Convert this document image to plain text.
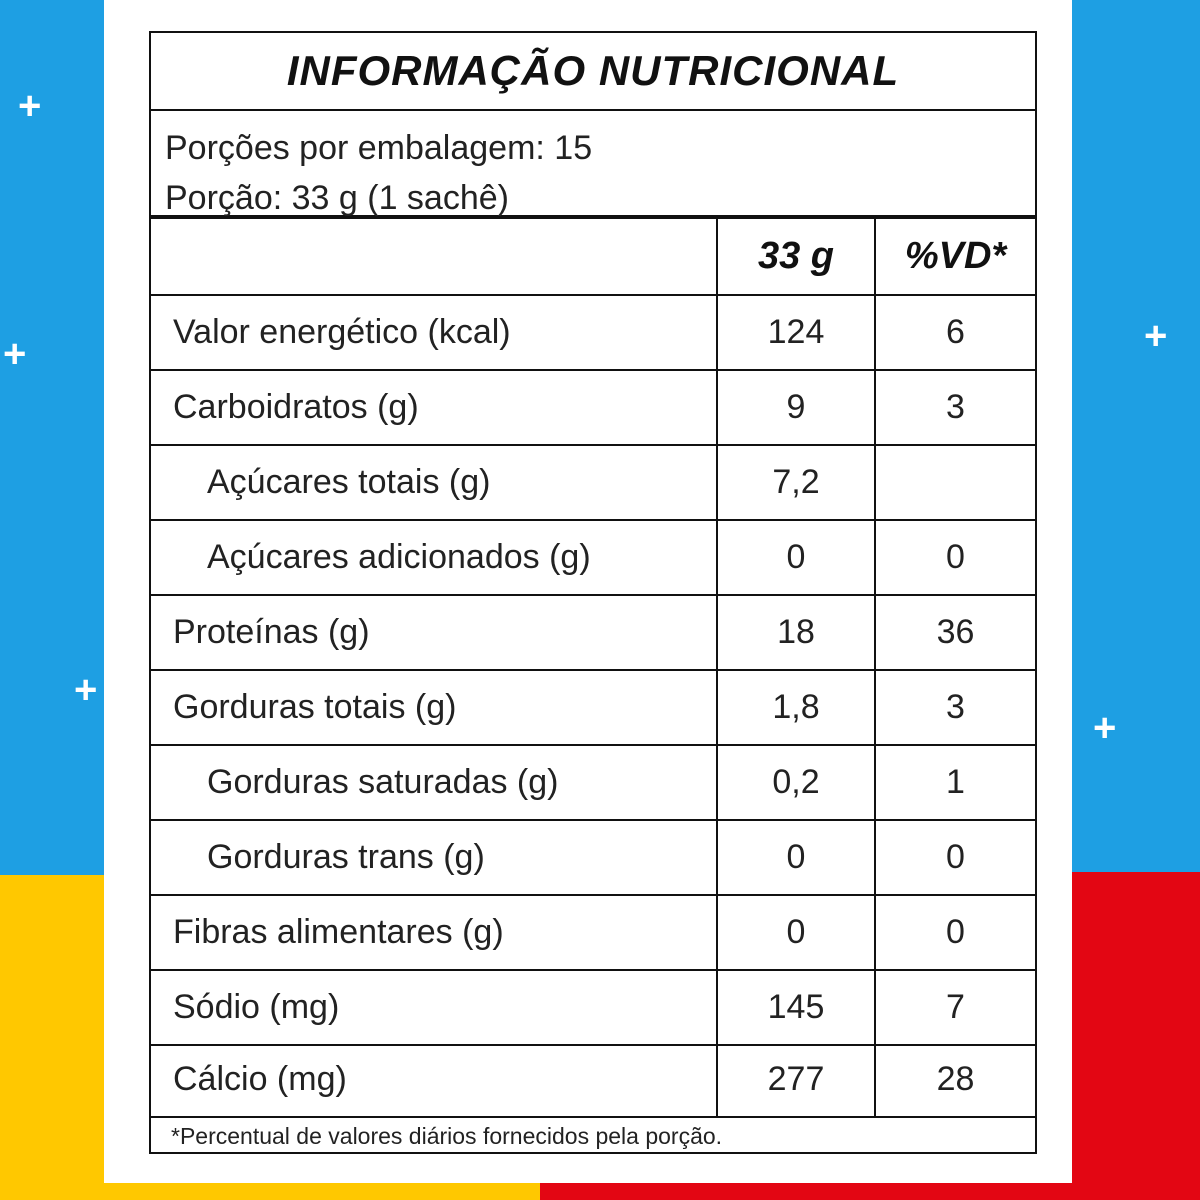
+
+
+
+
+
INFORMAÇÃO NUTRICIONAL
Porções por embalagem: 15
Porção: 33 g (1 sachê)
33 g	%VD*
Valor energético (kcal)	124	6
Carboidratos (g)	9	3
Açúcares totais (g)	7,2
Açúcares adicionados (g)	0	0
Proteínas (g)	18	36
Gorduras totais (g)	1,8	3
Gorduras saturadas (g)	0,2	1
Gorduras trans (g)	0	0
Fibras alimentares (g)	0	0
Sódio (mg)	145	7
Cálcio (mg)	277	28
*Percentual de valores diários fornecidos pela porção.
